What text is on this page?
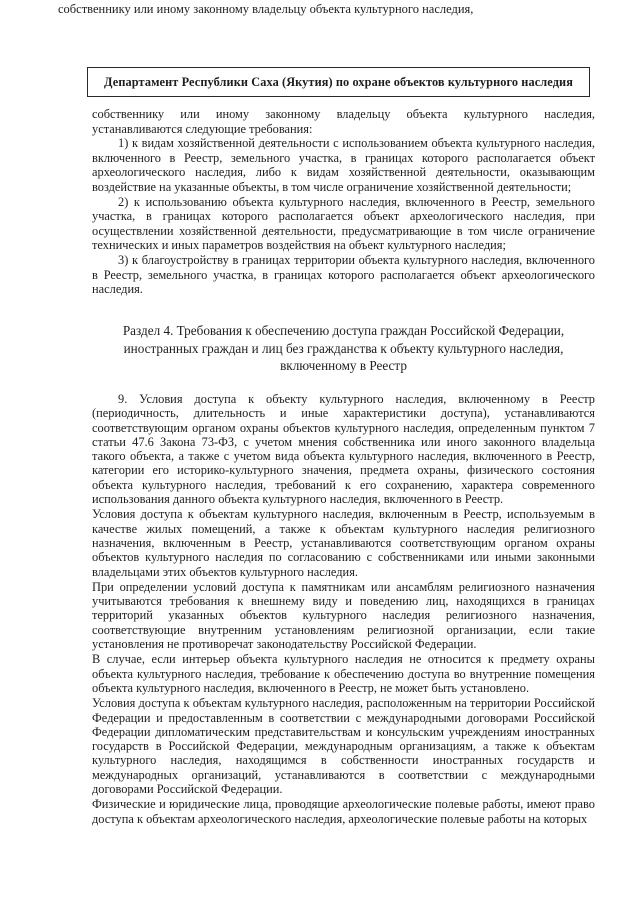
собственнику или иному законному владельцу объекта культурного наследия,
Департамент Республики Саха (Якутия) по охране объектов культурного наследия

собственнику или иному законному владельцу объекта культурного наследия, устанавливаются следующие требования:

1) к видам хозяйственной деятельности с использованием объекта культурного наследия, включенного в Реестр, земельного участка, в границах которого располагается объект археологического наследия, либо к видам хозяйственной деятельности, оказывающим воздействие на указанные объекты, в том числе ограничение хозяйственной деятельности;

2) к использованию объекта культурного наследия, включенного в Реестр, земельного участка, в границах которого располагается объект археологического наследия, при осуществлении хозяйственной деятельности, предусматривающие в том числе ограничение технических и иных параметров воздействия на объект культурного наследия;

3) к благоустройству в границах территории объекта культурного наследия, включенного в Реестр, земельного участка, в границах которого располагается объект археологического наследия.

Раздел 4. Требования к обеспечению доступа граждан Российской Федерации, иностранных граждан и лиц без гражданства к объекту культурного наследия, включенному в Реестр

9. Условия доступа к объекту культурного наследия, включенному в Реестр (периодичность, длительность и иные характеристики доступа), устанавливаются соответствующим органом охраны объектов культурного наследия, определенным пунктом 7 статьи 47.6 Закона 73-ФЗ, с учетом мнения собственника или иного законного владельца такого объекта, а также с учетом вида объекта культурного наследия, включенного в Реестр, категории его историко-культурного значения, предмета охраны, физического состояния объекта культурного наследия, требований к его сохранению, характера современного использования данного объекта культурного наследия, включенного в Реестр.

Условия доступа к объектам культурного наследия, включенным в Реестр, используемым в качестве жилых помещений, а также к объектам культурного наследия религиозного назначения, включенным в Реестр, устанавливаются соответствующим органом охраны объектов культурного наследия по согласованию с собственниками или иными законными владельцами этих объектов культурного наследия.

При определении условий доступа к памятникам или ансамблям религиозного назначения учитываются требования к внешнему виду и поведению лиц, находящихся в границах территорий указанных объектов культурного наследия религиозного назначения, соответствующие внутренним установлениям религиозной организации, если такие установления не противоречат законодательству Российской Федерации.

В случае, если интерьер объекта культурного наследия не относится к предмету охраны объекта культурного наследия, требование к обеспечению доступа во внутренние помещения объекта культурного наследия, включенного в Реестр, не может быть установлено.

Условия доступа к объектам культурного наследия, расположенным на территории Российской Федерации и предоставленным в соответствии с международными договорами Российской Федерации дипломатическим представительствам и консульским учреждениям иностранных государств в Российской Федерации, международным организациям, а также к объектам культурного наследия, находящимся в собственности иностранных государств и международных организаций, устанавливаются в соответствии с международными договорами Российской Федерации.

Физические и юридические лица, проводящие археологические полевые работы, имеют право доступа к объектам археологического наследия, археологические полевые работы на которых
